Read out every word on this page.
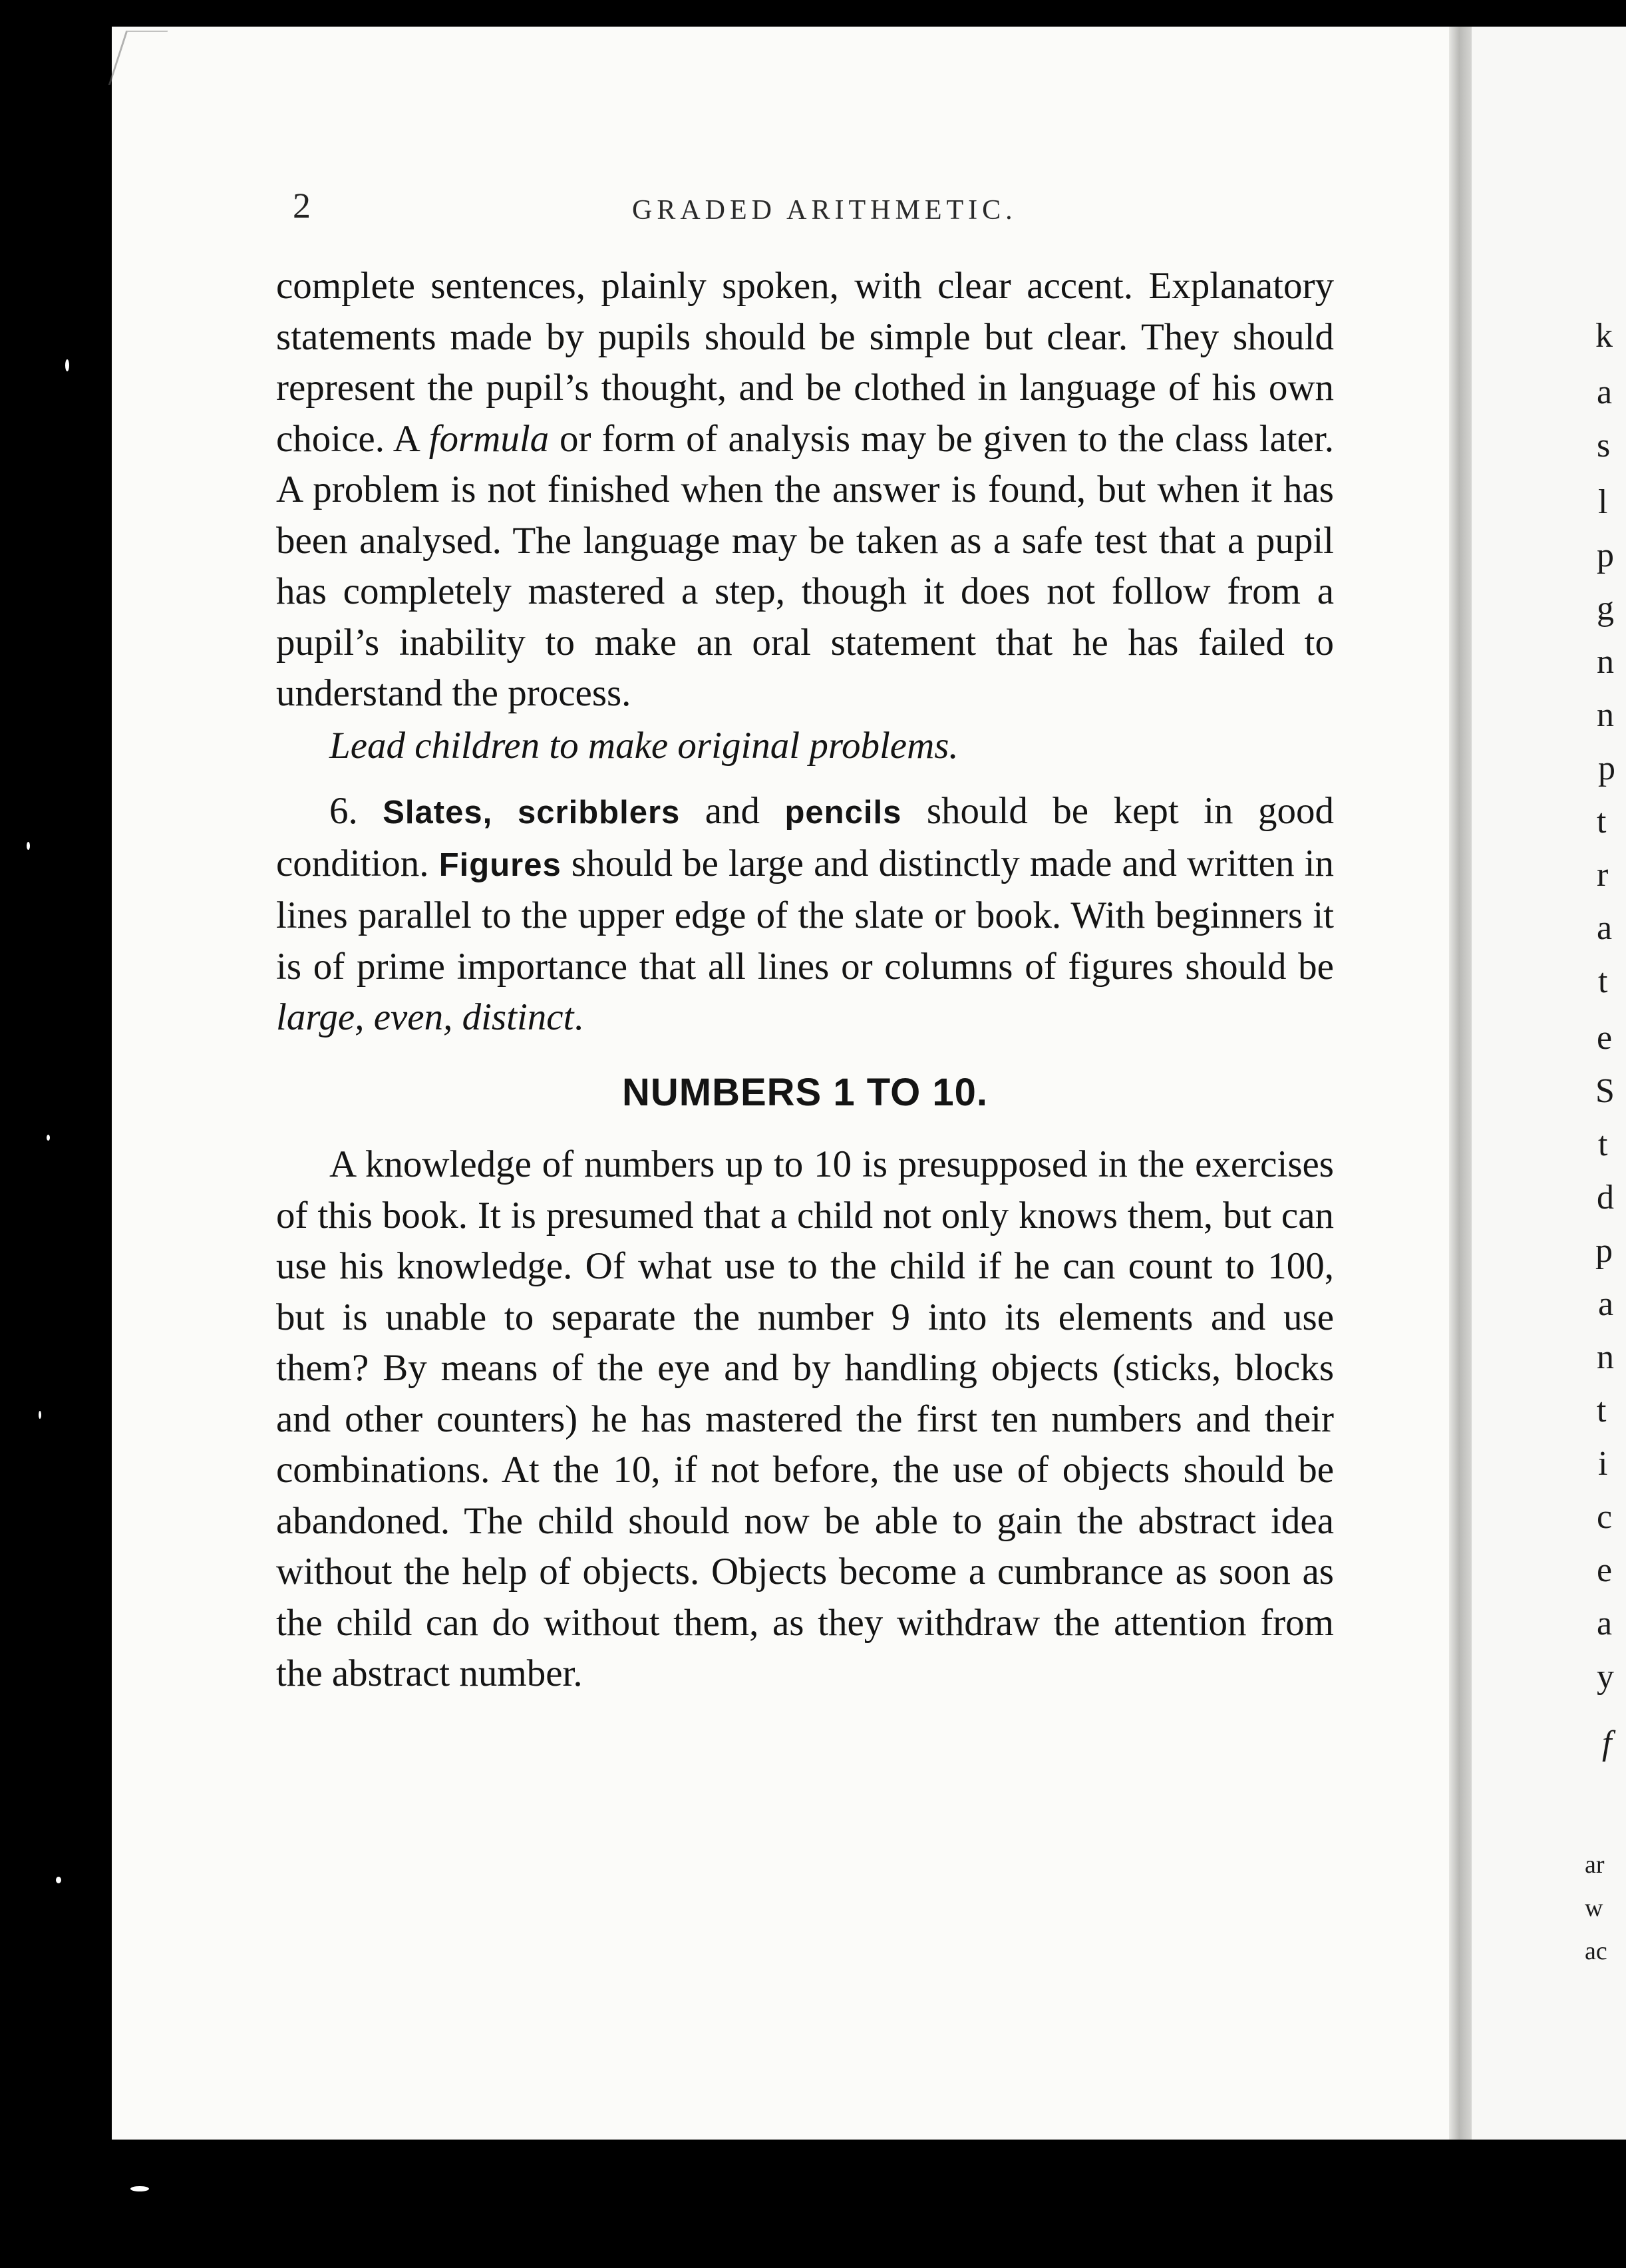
k
a
s
l
p
g
n
n
p
t
r
a
t
e
S
t
d
p
a
n
t
i
c
e
a
y
f
ar
w
ac
2	GRADED ARITHMETIC.

complete sentences, plainly spoken, with clear accent. Explanatory statements made by pupils should be simple but clear. They should represent the pupil’s thought, and be clothed in language of his own choice. A formula or form of analysis may be given to the class later. A problem is not finished when the answer is found, but when it has been analysed. The language may be taken as a safe test that a pupil has completely mastered a step, though it does not follow from a pupil’s inability to make an oral statement that he has failed to understand the process.

Lead children to make original problems.

6. Slates, scribblers and pencils should be kept in good condition. Figures should be large and distinctly made and written in lines parallel to the upper edge of the slate or book. With beginners it is of prime importance that all lines or columns of figures should be large, even, distinct.

NUMBERS 1 TO 10.

A knowledge of numbers up to 10 is presupposed in the exercises of this book. It is presumed that a child not only knows them, but can use his knowledge. Of what use to the child if he can count to 100, but is unable to separate the number 9 into its elements and use them? By means of the eye and by handling objects (sticks, blocks and other counters) he has mastered the first ten numbers and their combinations. At the 10, if not before, the use of objects should be abandoned. The child should now be able to gain the abstract idea without the help of objects. Objects become a cumbrance as soon as the child can do without them, as they withdraw the attention from the abstract number.
